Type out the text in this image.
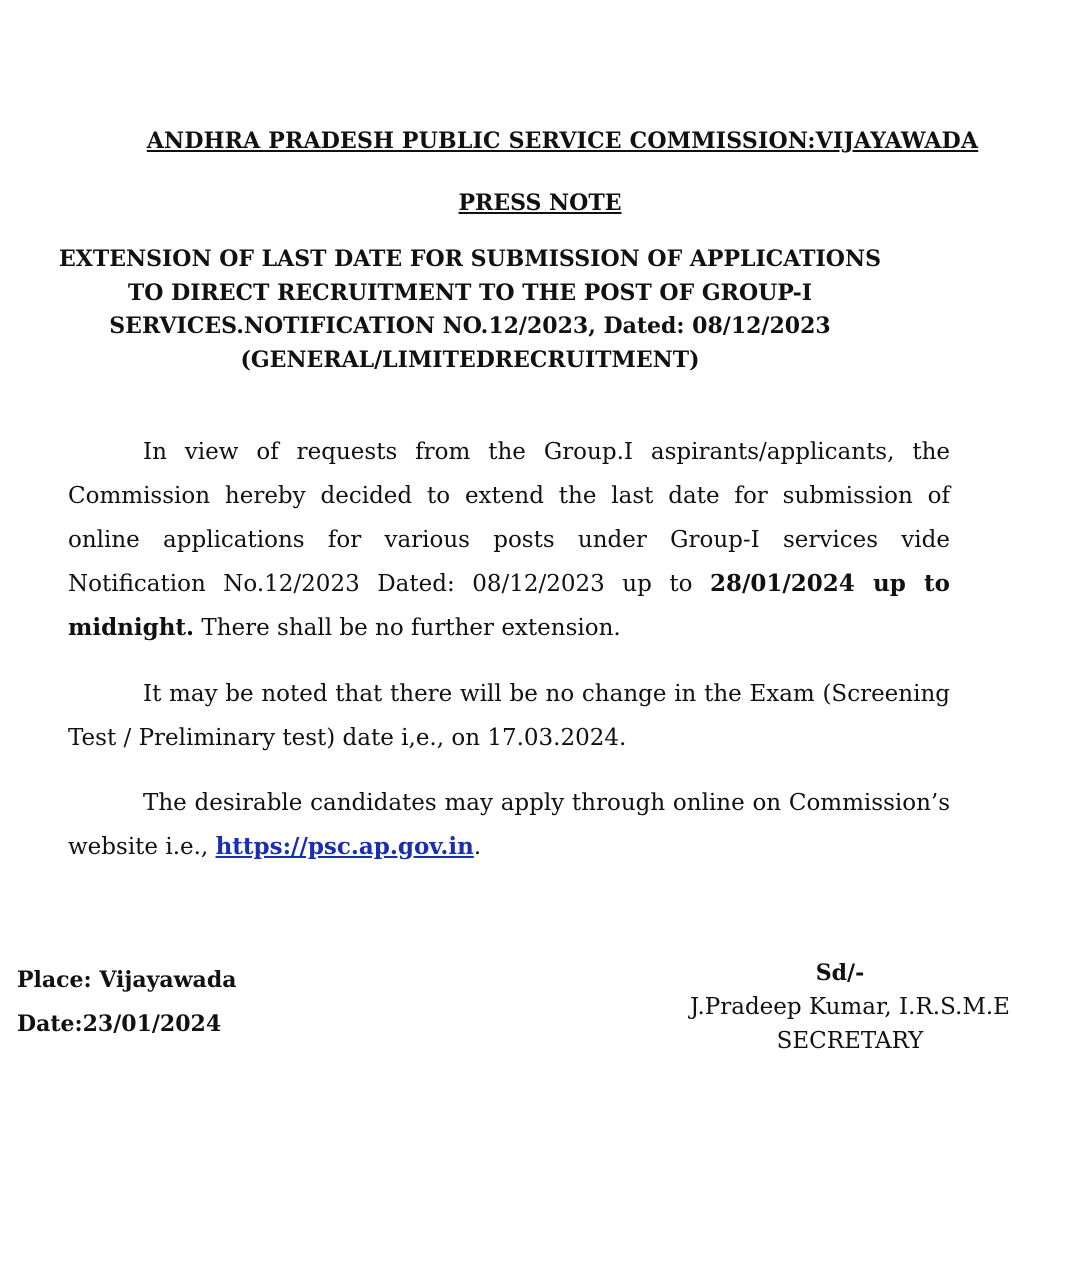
ANDHRA PRADESH PUBLIC SERVICE COMMISSION:VIJAYAWADA
PRESS NOTE
EXTENSION OF LAST DATE FOR SUBMISSION OF APPLICATIONS
TO DIRECT RECRUITMENT TO THE POST OF GROUP-I
SERVICES.NOTIFICATION NO.12/2023, Dated: 08/12/2023
(GENERAL/LIMITEDRECRUITMENT)
In view of requests from the Group.I aspirants/applicants, the Commission hereby decided to extend the last date for submission of online applications for various posts under Group-I services vide Notification No.12/2023 Dated: 08/12/2023 up to 28/01/2024 up to midnight. There shall be no further extension.
It may be noted that there will be no change in the Exam (Screening Test / Preliminary test) date i,e., on 17.03.2024.
The desirable candidates may apply through online on Commission’s website i.e., https://psc.ap.gov.in.
Place: Vijayawada
Date:23/01/2024
Sd/-
J.Pradeep Kumar, I.R.S.M.E
SECRETARY
